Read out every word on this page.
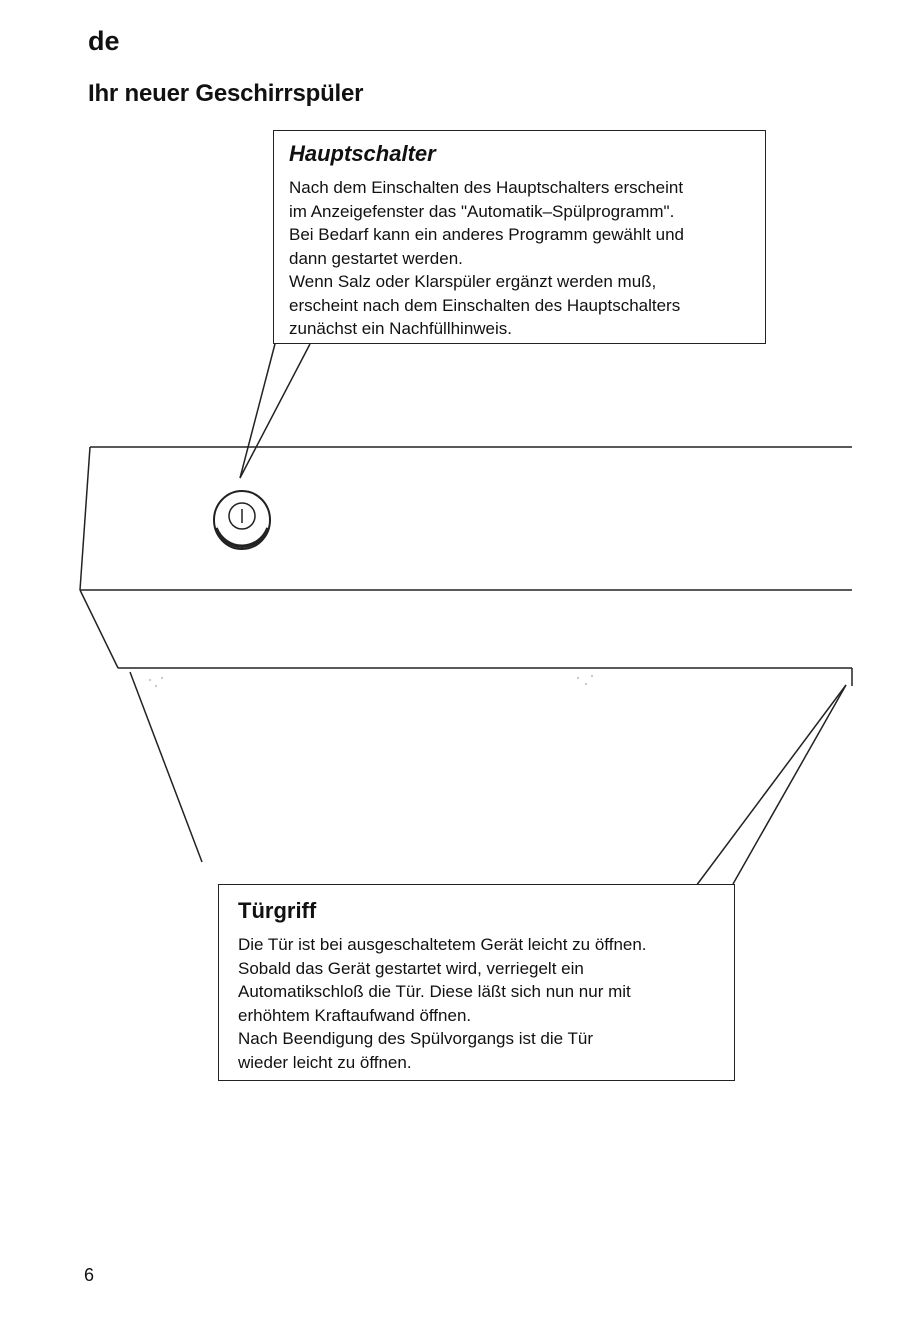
de
Ihr neuer Geschirrspüler
Hauptschalter
Nach dem Einschalten des Hauptschalters erscheint
im Anzeigefenster das "Automatik–Spülprogramm".
Bei Bedarf kann ein anderes Programm gewählt und
dann gestartet werden.
Wenn Salz oder Klarspüler ergänzt werden muß,
erscheint nach dem Einschalten des Hauptschalters
zunächst ein Nachfüllhinweis.
Türgriff
Die Tür ist bei ausgeschaltetem Gerät leicht zu öffnen.
Sobald das Gerät gestartet wird, verriegelt ein
Automatikschloß die Tür. Diese läßt sich nun nur mit
erhöhtem Kraftaufwand öffnen.
Nach Beendigung des Spülvorgangs ist die Tür
wieder leicht zu öffnen.
6
